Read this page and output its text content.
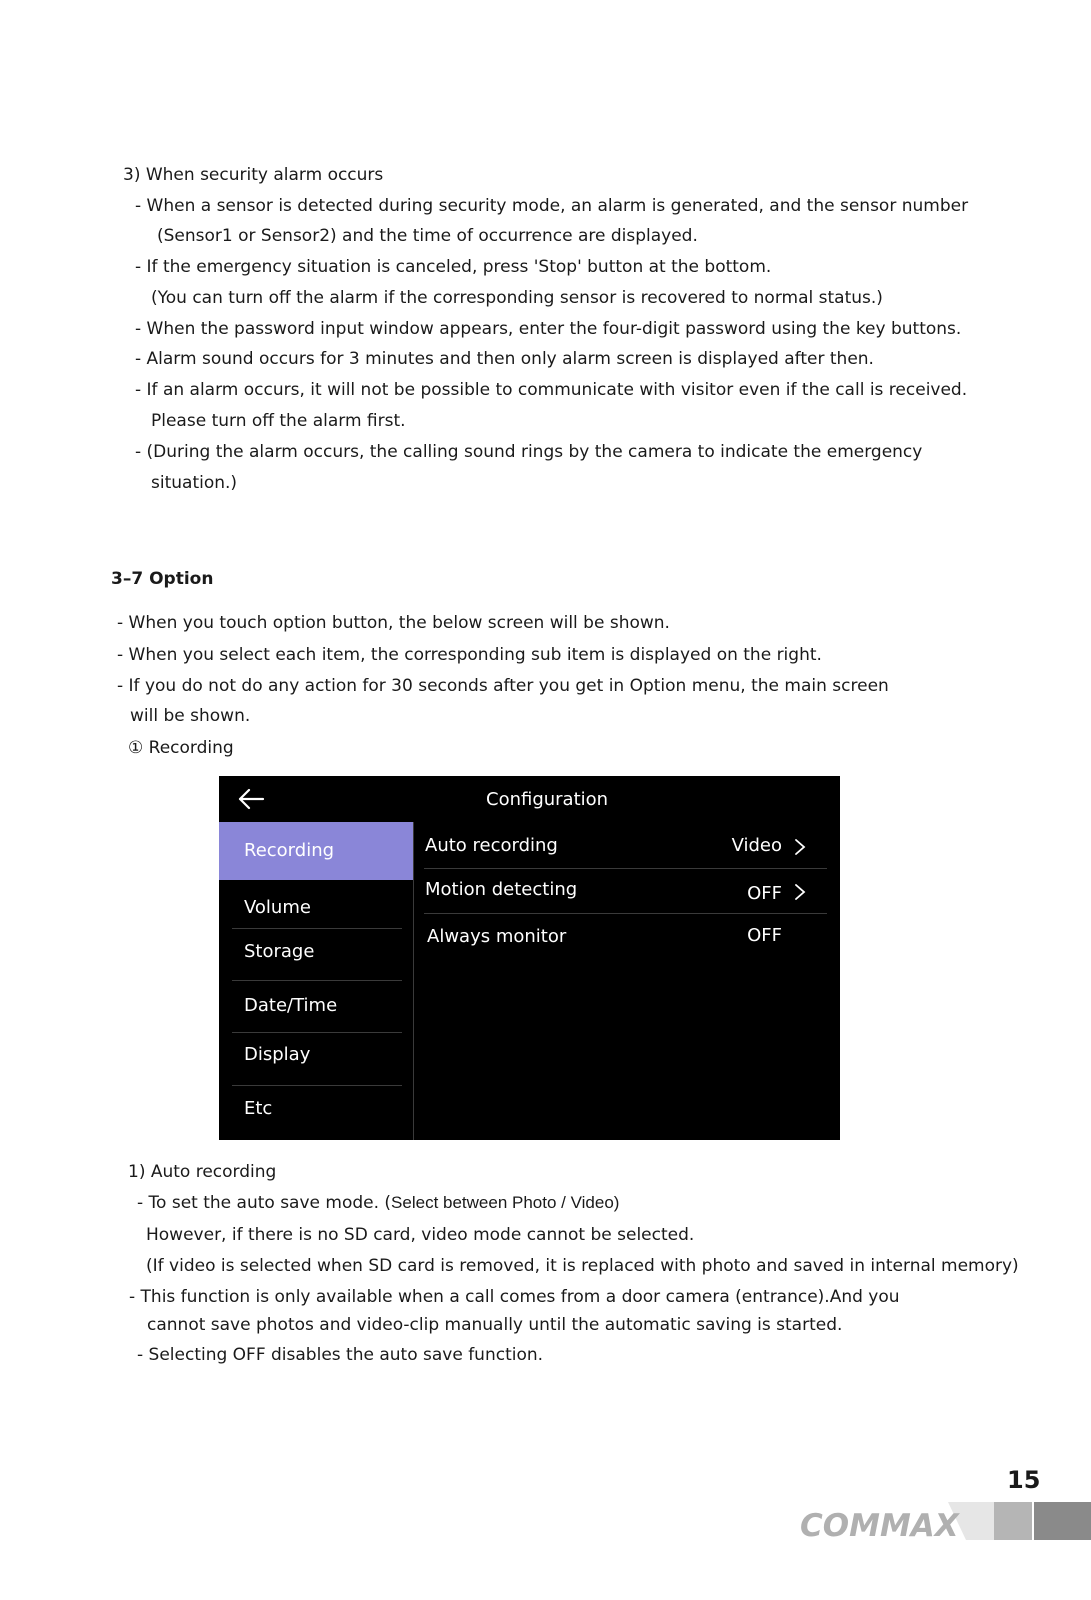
3) When security alarm occurs
- When a sensor is detected during security mode, an alarm is generated, and the sensor number
(Sensor1 or Sensor2) and the time of occurrence are displayed.
- If the emergency situation is canceled, press 'Stop' button at the bottom.
(You can turn off the alarm if the corresponding sensor is recovered to normal status.)
- When the password input window appears, enter the four-digit password using the key buttons.
- Alarm sound occurs for 3 minutes and then only alarm screen is displayed after then.
- If an alarm occurs, it will not be possible to communicate with visitor even if the call is received.
Please turn off the alarm first.
- (During the alarm occurs, the calling sound rings by the camera to indicate the emergency
situation.)
3–7 Option
- When you touch option button, the below screen will be shown.
- When you select each item, the corresponding sub item is displayed on the right.
- If you do not do any action for 30 seconds after you get in Option menu, the main screen
will be shown.
① Recording
Configuration
Recording
Volume
Storage
Date/Time
Display
Etc
Auto recording	Video
Motion detecting	OFF
Always monitor	OFF
1) Auto recording
- To set the auto save mode. (Select between Photo / Video)
However, if there is no SD card, video mode cannot be selected.
(If video is selected when SD card is removed, it is replaced with photo and saved in internal memory)
- This function is only available when a call comes from a door camera (entrance).And you
cannot save photos and video-clip manually until the automatic saving is started.
- Selecting OFF disables the auto save function.
15
COMMAX
